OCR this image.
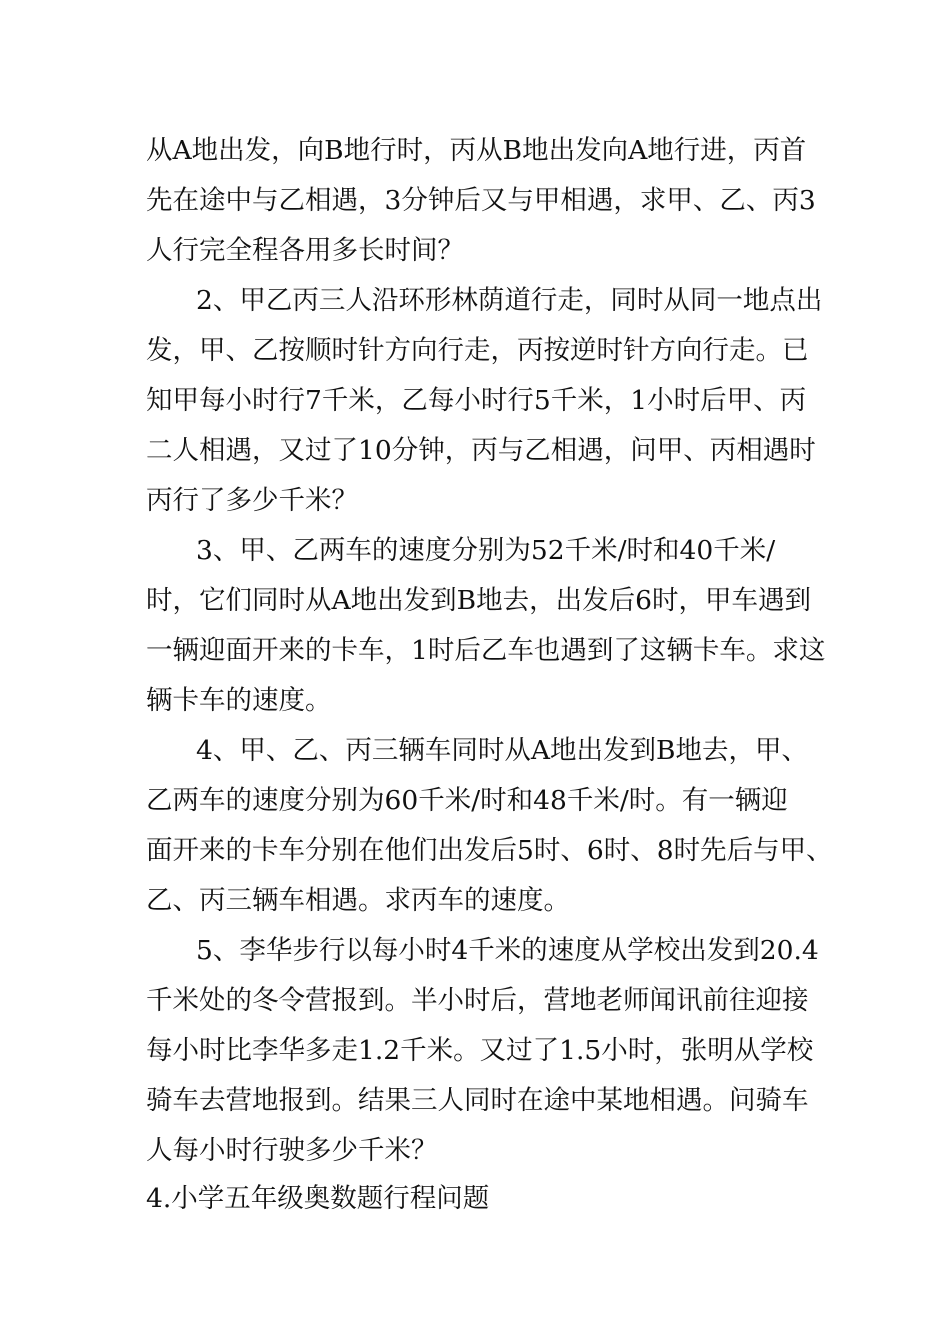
从A地出发，向B地行时，丙从B地出发向A地行进，丙首
先在途中与乙相遇，3分钟后又与甲相遇，求甲、乙、丙3
人行完全程各用多长时间？
2、甲乙丙三人沿环形林荫道行走，同时从同一地点出
发，甲、乙按顺时针方向行走，丙按逆时针方向行走。已
知甲每小时行7千米，乙每小时行5千米，1小时后甲、丙
二人相遇，又过了10分钟，丙与乙相遇，问甲、丙相遇时
丙行了多少千米？
3、甲、乙两车的速度分别为52千米/时和40千米/
时，它们同时从A地出发到B地去，出发后6时，甲车遇到
一辆迎面开来的卡车，1时后乙车也遇到了这辆卡车。求这
辆卡车的速度。
4、甲、乙、丙三辆车同时从A地出发到B地去，甲、
乙两车的速度分别为60千米/时和48千米/时。有一辆迎
面开来的卡车分别在他们出发后5时、6时、8时先后与甲、
乙、丙三辆车相遇。求丙车的速度。
5、李华步行以每小时4千米的速度从学校出发到20.4
千米处的冬令营报到。半小时后，营地老师闻讯前往迎接
每小时比李华多走1.2千米。又过了1.5小时，张明从学校
骑车去营地报到。结果三人同时在途中某地相遇。问骑车
人每小时行驶多少千米？
4.小学五年级奥数题行程问题
